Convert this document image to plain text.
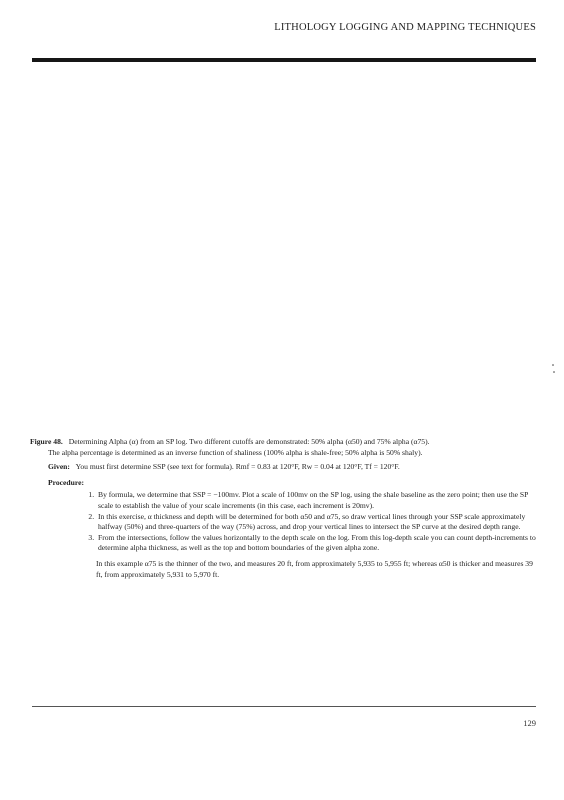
LITHOLOGY LOGGING AND MAPPING TECHNIQUES

Figure 48. Determining Alpha (α) from an SP log. Two different cutoffs are demonstrated: 50% alpha (α50) and 75% alpha (α75).

The alpha percentage is determined as an inverse function of shaliness (100% alpha is shale-free; 50% alpha is 50% shaly).

Given: You must first determine SSP (see text for formula). Rmf = 0.83 at 120°F, Rw = 0.04 at 120°F, Tf = 120°F.

Procedure:

1. By formula, we determine that SSP = −100mv. Plot a scale of 100mv on the SP log, using the shale baseline as the zero point; then use the SP scale to establish the value of your scale increments (in this case, each increment is 20mv).
2. In this exercise, α thickness and depth will be determined for both α50 and α75, so draw vertical lines through your SSP scale approximately halfway (50%) and three-quarters of the way (75%) across, and drop your vertical lines to intersect the SP curve at the desired depth range.
3. From the intersections, follow the values horizontally to the depth scale on the log. From this log-depth scale you can count depth-increments to determine alpha thickness, as well as the top and bottom boundaries of the given alpha zone.

In this example α75 is the thinner of the two, and measures 20 ft, from approximately 5,935 to 5,955 ft; whereas α50 is thicker and measures 39 ft, from approximately 5,931 to 5,970 ft.

129
